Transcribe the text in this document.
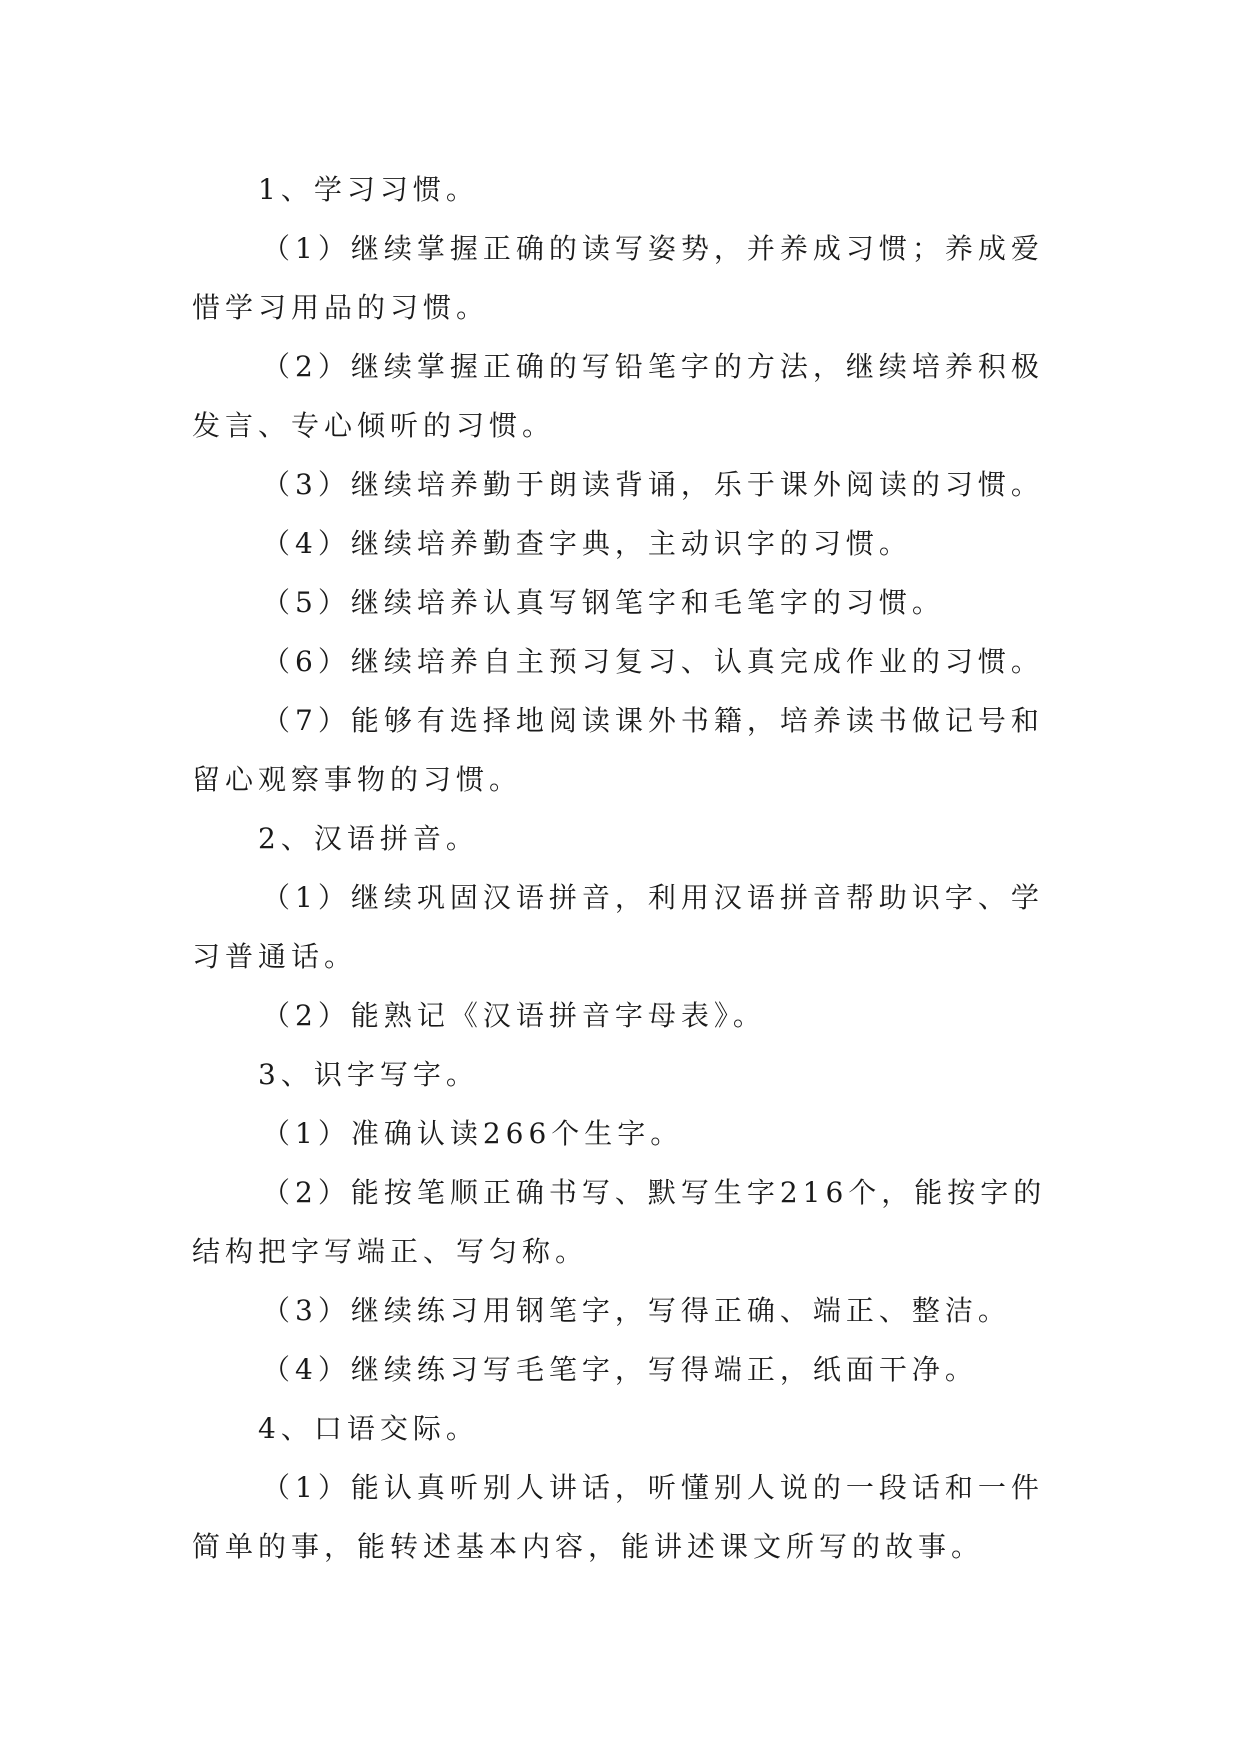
1、学习习惯。

（1）继续掌握正确的读写姿势，并养成习惯；养成爱惜学习用品的习惯。

（2）继续掌握正确的写铅笔字的方法，继续培养积极发言、专心倾听的习惯。

（3）继续培养勤于朗读背诵，乐于课外阅读的习惯。

（4）继续培养勤查字典，主动识字的习惯。

（5）继续培养认真写钢笔字和毛笔字的习惯。

（6）继续培养自主预习复习、认真完成作业的习惯。

（7）能够有选择地阅读课外书籍，培养读书做记号和留心观察事物的习惯。

2、汉语拼音。

（1）继续巩固汉语拼音，利用汉语拼音帮助识字、学习普通话。

（2）能熟记《汉语拼音字母表》。

3、识字写字。

（1）准确认读266个生字。

（2）能按笔顺正确书写、默写生字216个，能按字的结构把字写端正、写匀称。

（3）继续练习用钢笔字，写得正确、端正、整洁。

（4）继续练习写毛笔字，写得端正，纸面干净。

4、口语交际。

（1）能认真听别人讲话，听懂别人说的一段话和一件简单的事，能转述基本内容，能讲述课文所写的故事。
